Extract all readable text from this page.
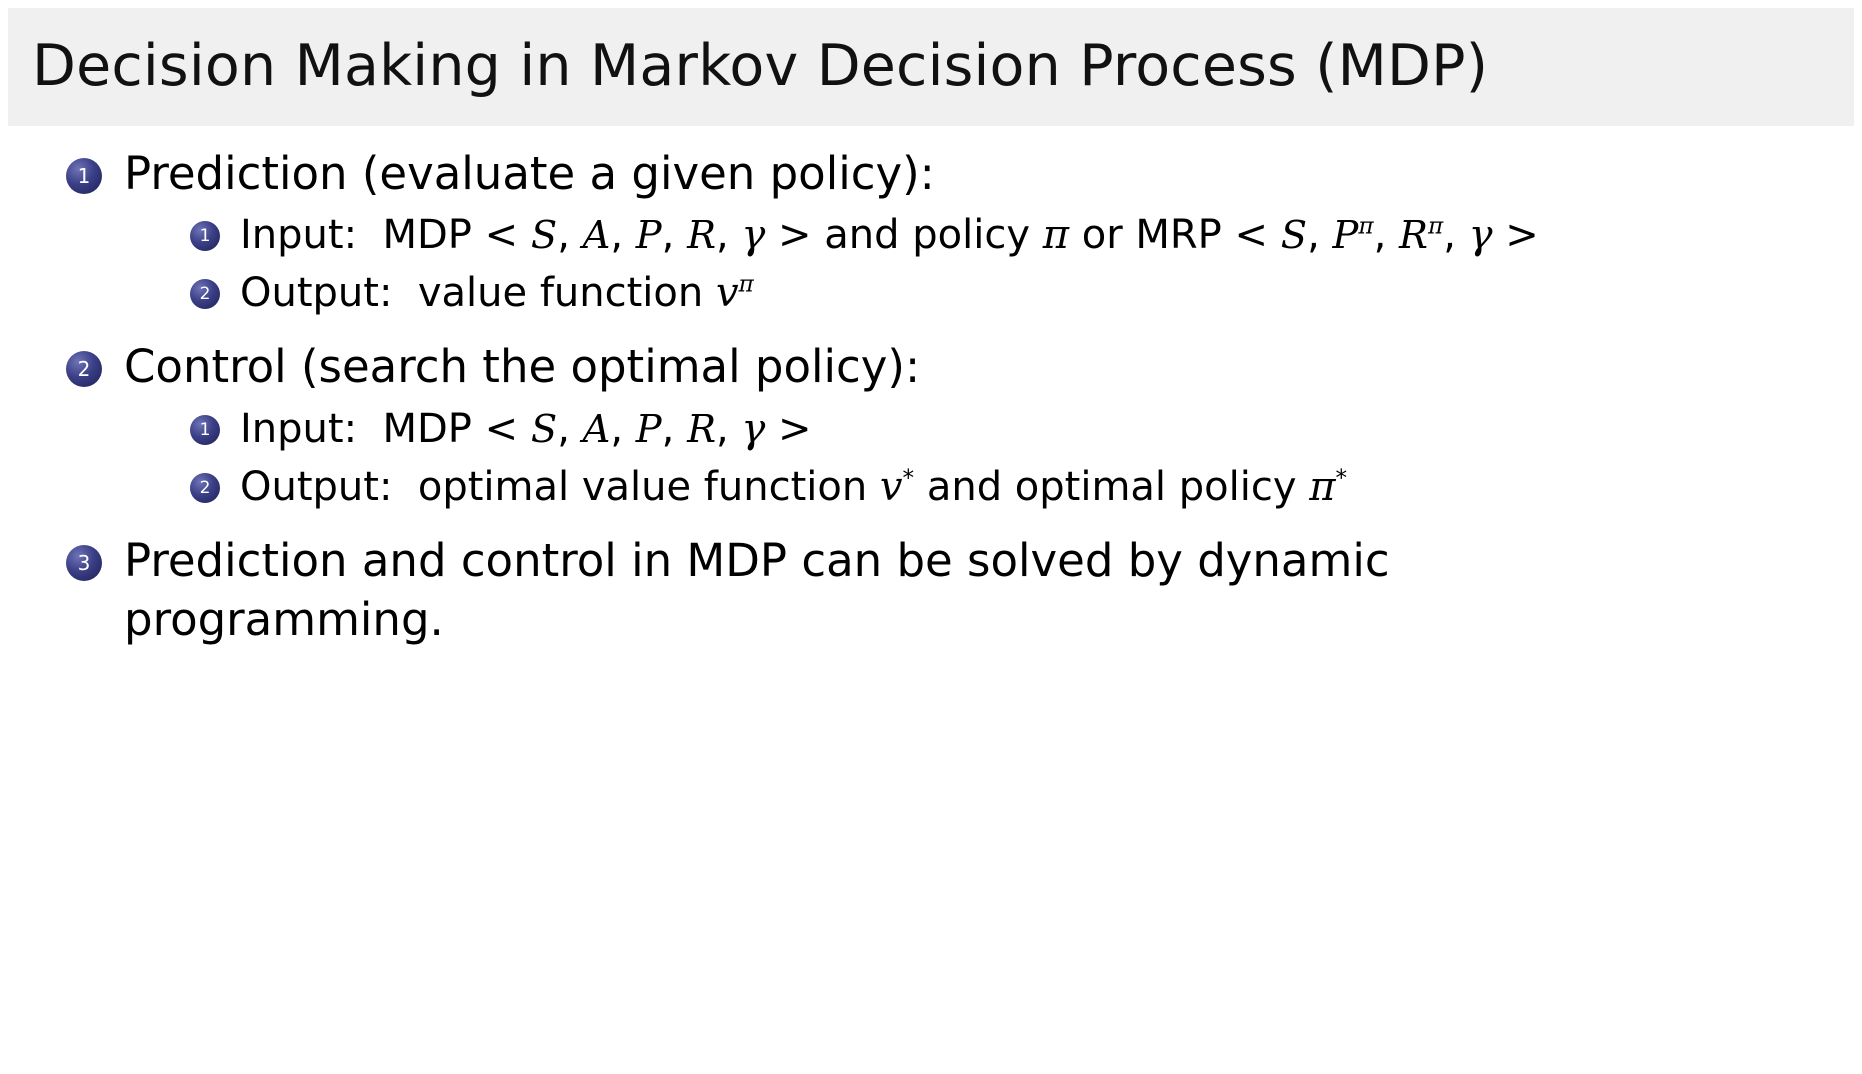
Decision Making in Markov Decision Process (MDP)
1 Prediction (evaluate a given policy):
1 Input:  MDP < S, A, P, R, γ > and policy π or MRP < S, $P^\pi$, $R^\pi$, γ >
2 Output:  value function $v^\pi$
2 Control (search the optimal policy):
1 Input:  MDP < S, A, P, R, γ >
2 Output:  optimal value function v* and optimal policy π*
3 Prediction and control in MDP can be solved by dynamic programming.
